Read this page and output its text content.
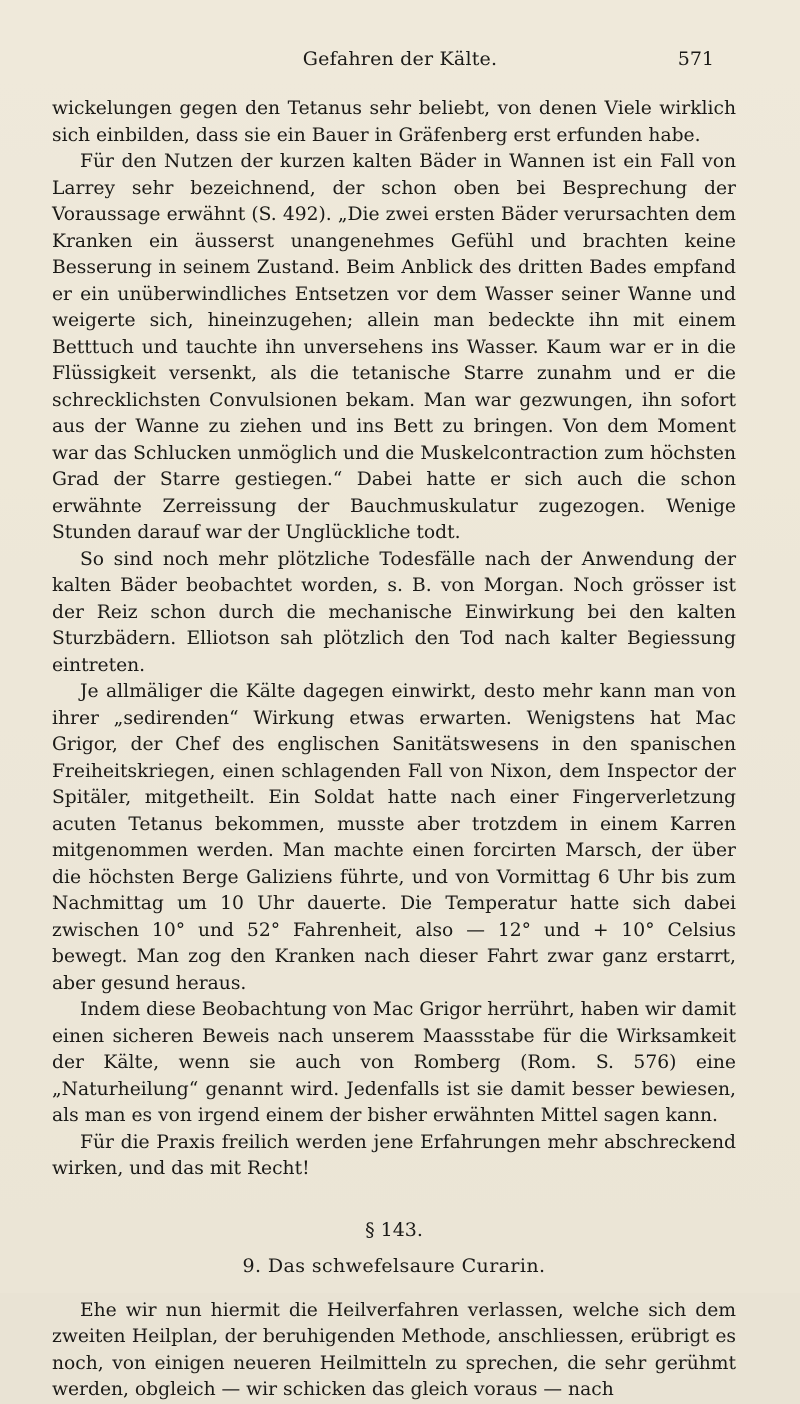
Gefahren der Kälte.	571

wickelungen gegen den Tetanus sehr beliebt, von denen Viele wirklich sich einbilden, dass sie ein Bauer in Gräfenberg erst erfunden habe.

Für den Nutzen der kurzen kalten Bäder in Wannen ist ein Fall von Larrey sehr bezeichnend, der schon oben bei Besprechung der Voraussage erwähnt (S. 492). „Die zwei ersten Bäder verursachten dem Kranken ein äusserst unangenehmes Gefühl und brachten keine Besserung in seinem Zustand. Beim Anblick des dritten Bades empfand er ein unüberwindliches Entsetzen vor dem Wasser seiner Wanne und weigerte sich, hineinzugehen; allein man bedeckte ihn mit einem Betttuch und tauchte ihn unversehens ins Wasser. Kaum war er in die Flüssigkeit versenkt, als die tetanische Starre zunahm und er die schrecklichsten Convulsionen bekam. Man war gezwungen, ihn sofort aus der Wanne zu ziehen und ins Bett zu bringen. Von dem Moment war das Schlucken unmöglich und die Muskelcontraction zum höchsten Grad der Starre gestiegen.“ Dabei hatte er sich auch die schon erwähnte Zerreissung der Bauchmuskulatur zugezogen. Wenige Stunden darauf war der Unglückliche todt.

So sind noch mehr plötzliche Todesfälle nach der Anwendung der kalten Bäder beobachtet worden, s. B. von Morgan. Noch grösser ist der Reiz schon durch die mechanische Einwirkung bei den kalten Sturzbädern. Elliotson sah plötzlich den Tod nach kalter Begiessung eintreten.

Je allmäliger die Kälte dagegen einwirkt, desto mehr kann man von ihrer „sedirenden“ Wirkung etwas erwarten. Wenigstens hat Mac Grigor, der Chef des englischen Sanitätswesens in den spanischen Freiheitskriegen, einen schlagenden Fall von Nixon, dem Inspector der Spitäler, mitgetheilt. Ein Soldat hatte nach einer Fingerverletzung acuten Tetanus bekommen, musste aber trotzdem in einem Karren mitgenommen werden. Man machte einen forcirten Marsch, der über die höchsten Berge Galiziens führte, und von Vormittag 6 Uhr bis zum Nachmittag um 10 Uhr dauerte. Die Temperatur hatte sich dabei zwischen 10° und 52° Fahrenheit, also — 12° und + 10° Celsius bewegt. Man zog den Kranken nach dieser Fahrt zwar ganz erstarrt, aber gesund heraus.

Indem diese Beobachtung von Mac Grigor herrührt, haben wir damit einen sicheren Beweis nach unserem Maassstabe für die Wirksamkeit der Kälte, wenn sie auch von Romberg (Rom. S. 576) eine „Naturheilung“ genannt wird. Jedenfalls ist sie damit besser bewiesen, als man es von irgend einem der bisher erwähnten Mittel sagen kann.

Für die Praxis freilich werden jene Erfahrungen mehr abschreckend wirken, und das mit Recht!

§ 143.
9. Das schwefelsaure Curarin.

Ehe wir nun hiermit die Heilverfahren verlassen, welche sich dem zweiten Heilplan, der beruhigenden Methode, anschliessen, erübrigt es noch, von einigen neueren Heilmitteln zu sprechen, die sehr gerühmt werden, obgleich — wir schicken das gleich voraus — nach
